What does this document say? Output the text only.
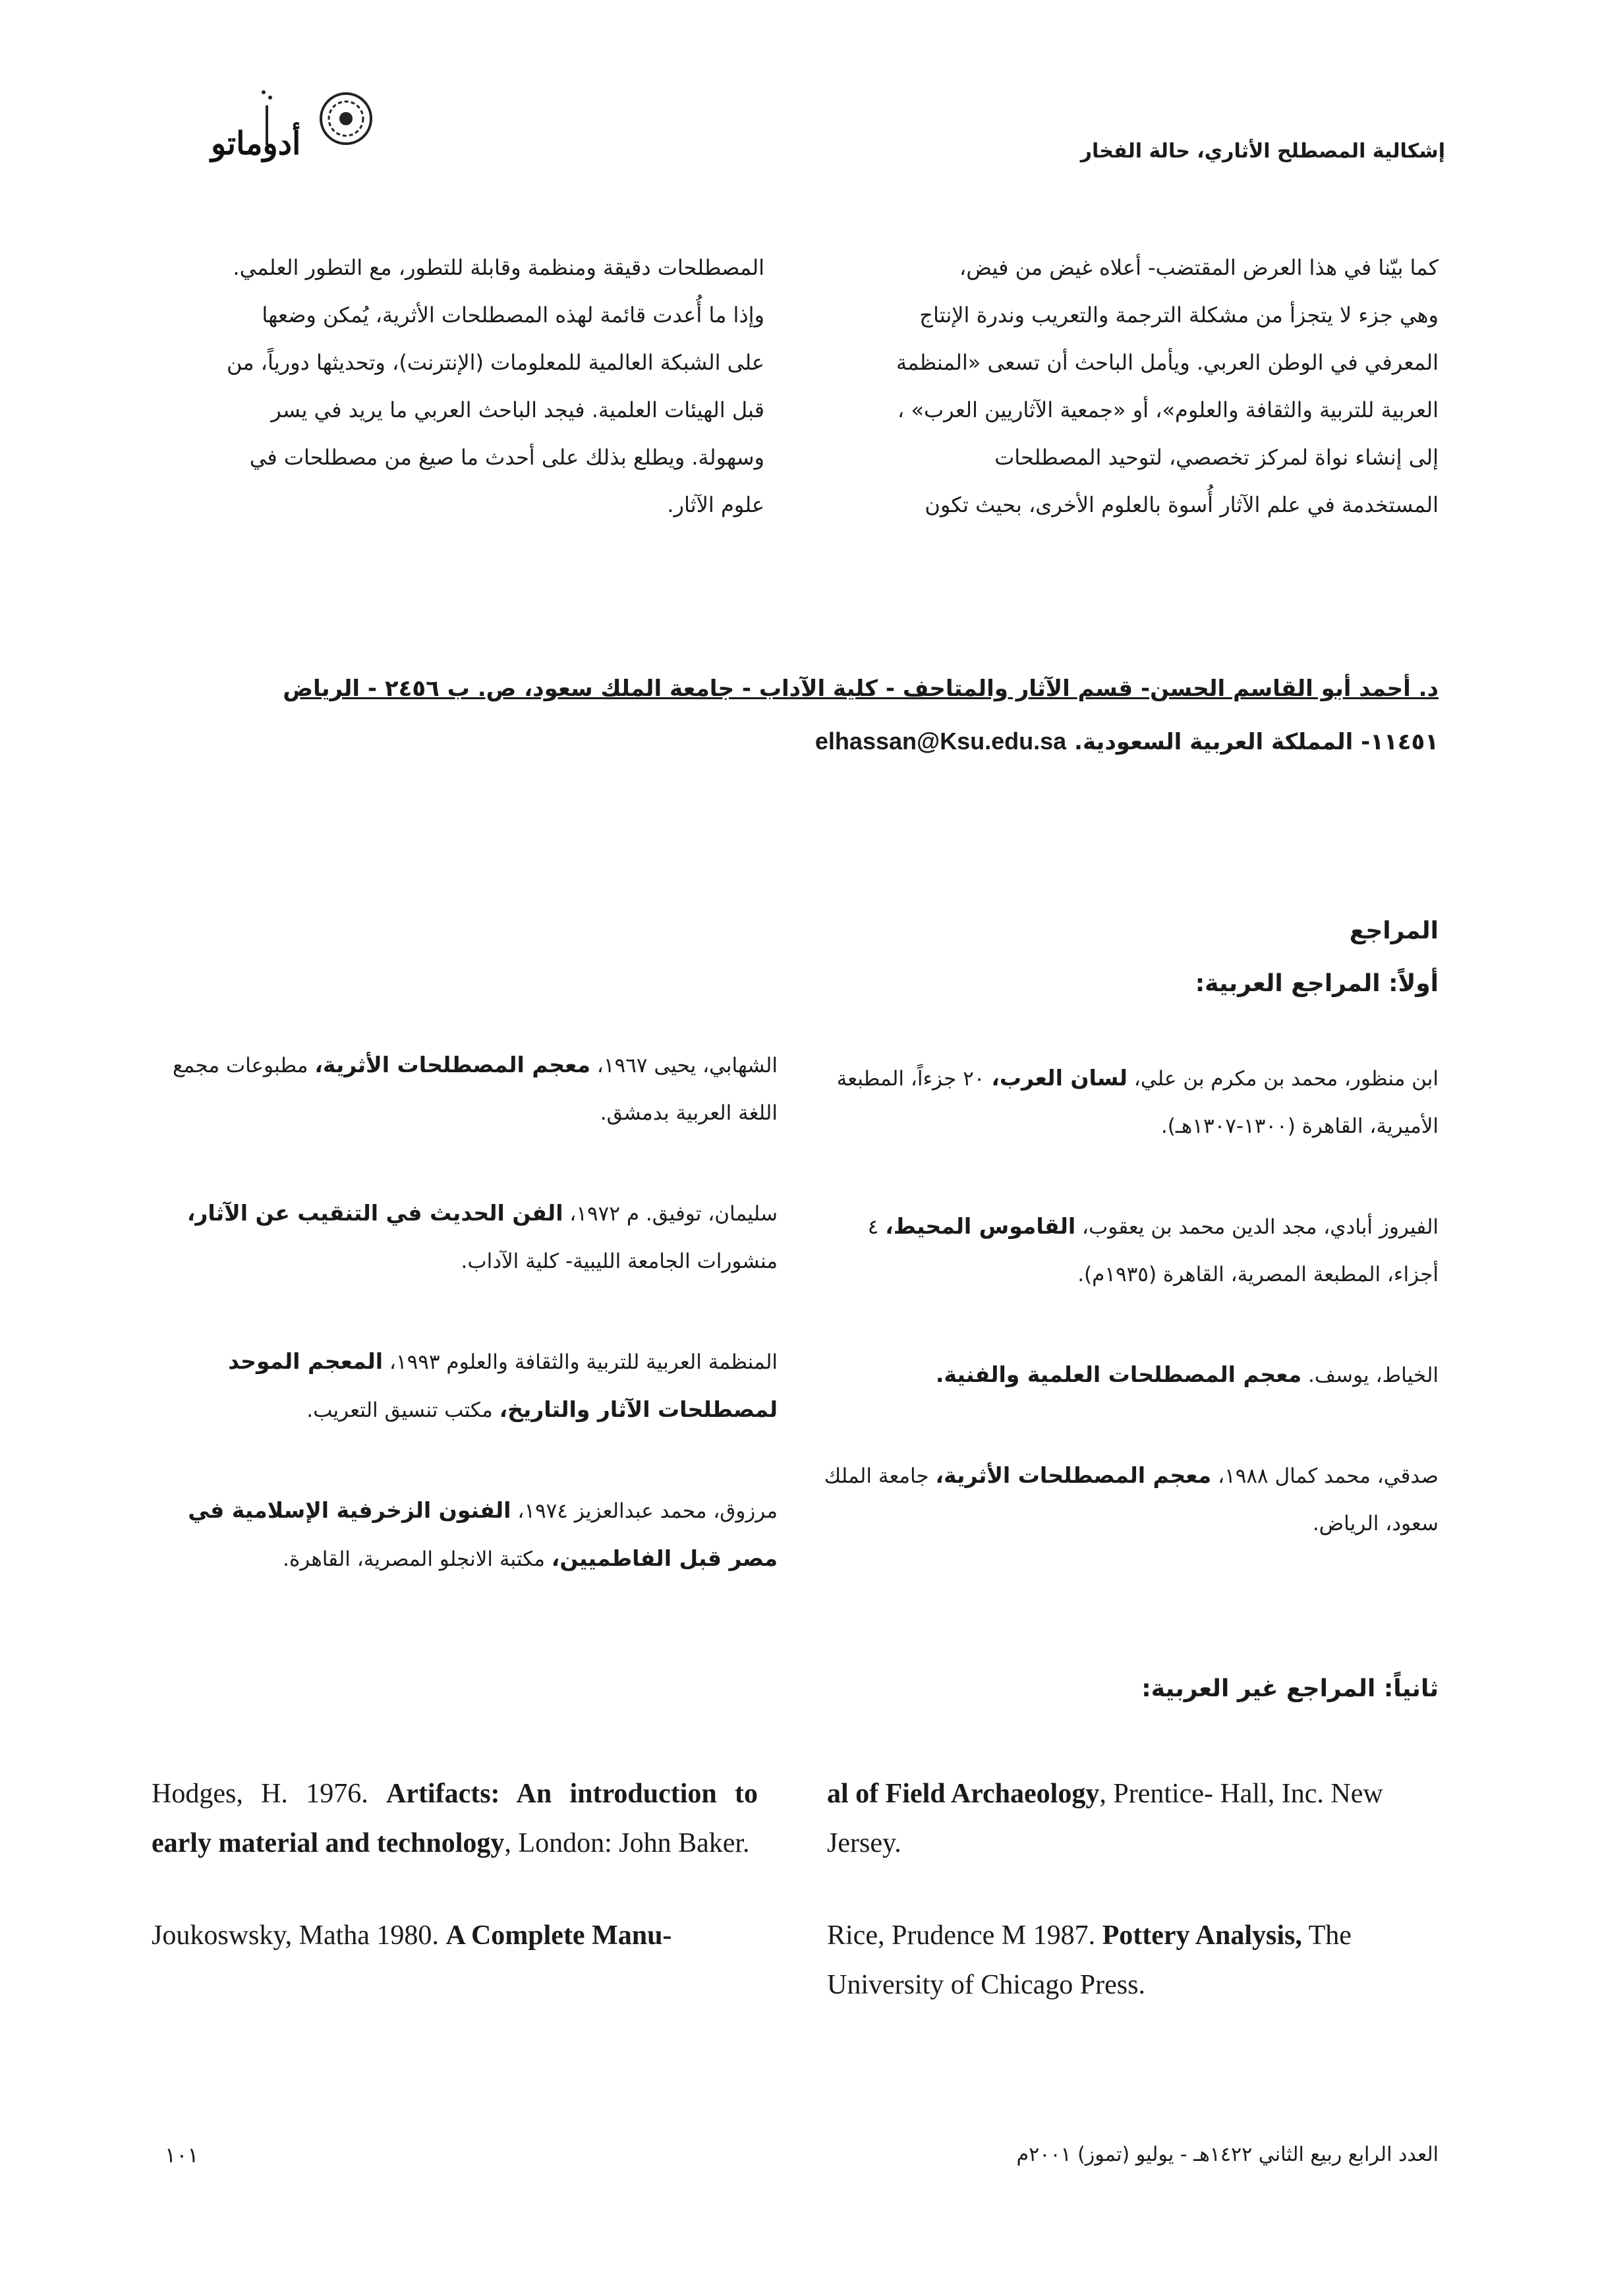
إشكالية المصطلح الأثاري، حالة الفخار
أدوماتو

كما بيّنا في هذا العرض المقتضب- أعلاه غيض من فيض،

وهي جزء لا يتجزأ من مشكلة الترجمة والتعريب وندرة الإنتاج

المعرفي في الوطن العربي. ويأمل الباحث أن تسعى «المنظمة

العربية للتربية والثقافة والعلوم»، أو «جمعية الآثاريين العرب» ،

إلى إنشاء نواة لمركز تخصصي، لتوحيد المصطلحات

المستخدمة في علم الآثار أُسوة بالعلوم الأخرى، بحيث تكون

المصطلحات دقيقة ومنظمة وقابلة للتطور، مع التطور العلمي.

وإذا ما أُعدت قائمة لهذه المصطلحات الأثرية، يُمكن وضعها

على الشبكة العالمية للمعلومات (الإنترنت)، وتحديثها دورياً، من

قبل الهيئات العلمية. فيجد الباحث العربي ما يريد في يسر

وسهولة. ويطلع بذلك على أحدث ما صيغ من مصطلحات في

علوم الآثار.

د. أحمد أبو القاسم الحسن- قسم الآثار والمتاحف - كلية الآداب - جامعة الملك سعود، ص. ب ٢٤٥٦ - الرياض
١١٤٥١- المملكة العربية السعودية. elhassan@Ksu.edu.sa
المراجع
أولاً: المراجع العربية:

ابن منظور، محمد بن مكرم بن علي، لسان العرب، ٢٠ جزءاً، المطبعة الأميرية، القاهرة (١٣٠٠-١٣٠٧هـ).

الفيروز أبادي، مجد الدين محمد بن يعقوب، القاموس المحيط، ٤ أجزاء، المطبعة المصرية، القاهرة (١٩٣٥م).

الخياط، يوسف. معجم المصطلحات العلمية والفنية.

صدقي، محمد كمال ١٩٨٨، معجم المصطلحات الأثرية، جامعة الملك سعود، الرياض.

الشهابي، يحيى ١٩٦٧، معجم المصطلحات الأثرية، مطبوعات مجمع اللغة العربية بدمشق.

سليمان، توفيق. م ١٩٧٢، الفن الحديث في التنقيب عن الآثار، منشورات الجامعة الليبية- كلية الآداب.

المنظمة العربية للتربية والثقافة والعلوم ١٩٩٣، المعجم الموحد لمصطلحات الآثار والتاريخ، مكتب تنسيق التعريب.

مرزوق، محمد عبدالعزيز ١٩٧٤، الفنون الزخرفية الإسلامية في مصر قبل الفاطميين، مكتبة الانجلو المصرية، القاهرة.

ثانياً: المراجع غير العربية:

Hodges, H. 1976. Artifacts: An introduction to early material and technology, London: John Baker.

Joukoswsky, Matha 1980. A Complete Manu-

al of Field Archaeology, Prentice- Hall, Inc. New Jersey.

Rice, Prudence M 1987. Pottery Analysis, The University of Chicago Press.

العدد الرابع ربيع الثاني ١٤٢٢هـ - يوليو (تموز) ٢٠٠١م
١٠١
